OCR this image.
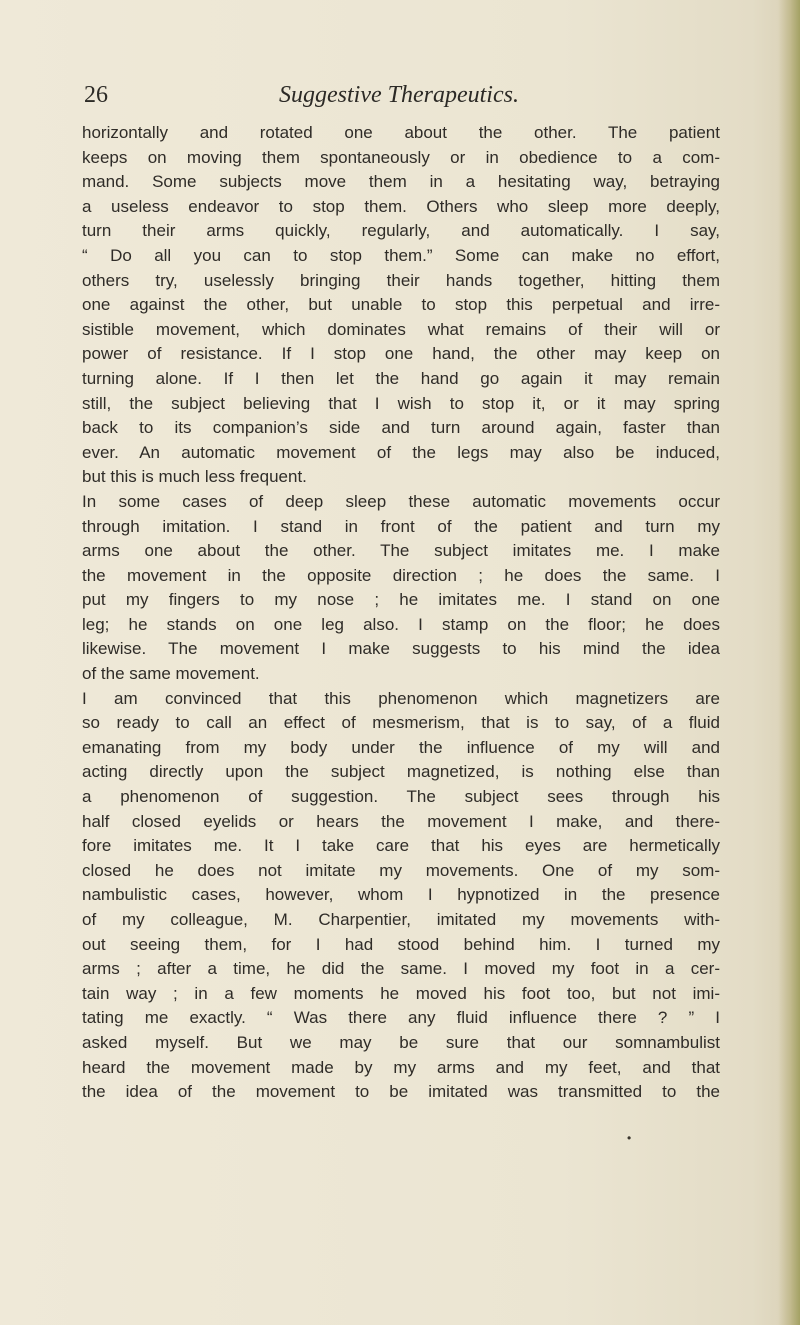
26	Suggestive Therapeutics.
horizontally and rotated one about the other. The patient
keeps on moving them spontaneously or in obedience to a com-
mand. Some subjects move them in a hesitating way, betraying
a useless endeavor to stop them. Others who sleep more deeply,
turn their arms quickly, regularly, and automatically. I say,
“ Do all you can to stop them.” Some can make no effort,
others try, uselessly bringing their hands together, hitting them
one against the other, but unable to stop this perpetual and irre-
sistible movement, which dominates what remains of their will or
power of resistance. If I stop one hand, the other may keep on
turning alone. If I then let the hand go again it may remain
still, the subject believing that I wish to stop it, or it may spring
back to its companion’s side and turn around again, faster than
ever. An automatic movement of the legs may also be induced,
but this is much less frequent.
In some cases of deep sleep these automatic movements occur
through imitation. I stand in front of the patient and turn my
arms one about the other. The subject imitates me. I make
the movement in the opposite direction ; he does the same. I
put my fingers to my nose ; he imitates me. I stand on one
leg; he stands on one leg also. I stamp on the floor; he does
likewise. The movement I make suggests to his mind the idea
of the same movement.
I am convinced that this phenomenon which magnetizers are
so ready to call an effect of mesmerism, that is to say, of a fluid
emanating from my body under the influence of my will and
acting directly upon the subject magnetized, is nothing else than
a phenomenon of suggestion. The subject sees through his
half closed eyelids or hears the movement I make, and there-
fore imitates me. It I take care that his eyes are hermetically
closed he does not imitate my movements. One of my som-
nambulistic cases, however, whom I hypnotized in the presence
of my colleague, M. Charpentier, imitated my movements with-
out seeing them, for I had stood behind him. I turned my
arms ; after a time, he did the same. I moved my foot in a cer-
tain way ; in a few moments he moved his foot too, but not imi-
tating me exactly. “ Was there any fluid influence there ? ” I
asked myself. But we may be sure that our somnambulist
heard the movement made by my arms and my feet, and that
the idea of the movement to be imitated was transmitted to the
•
